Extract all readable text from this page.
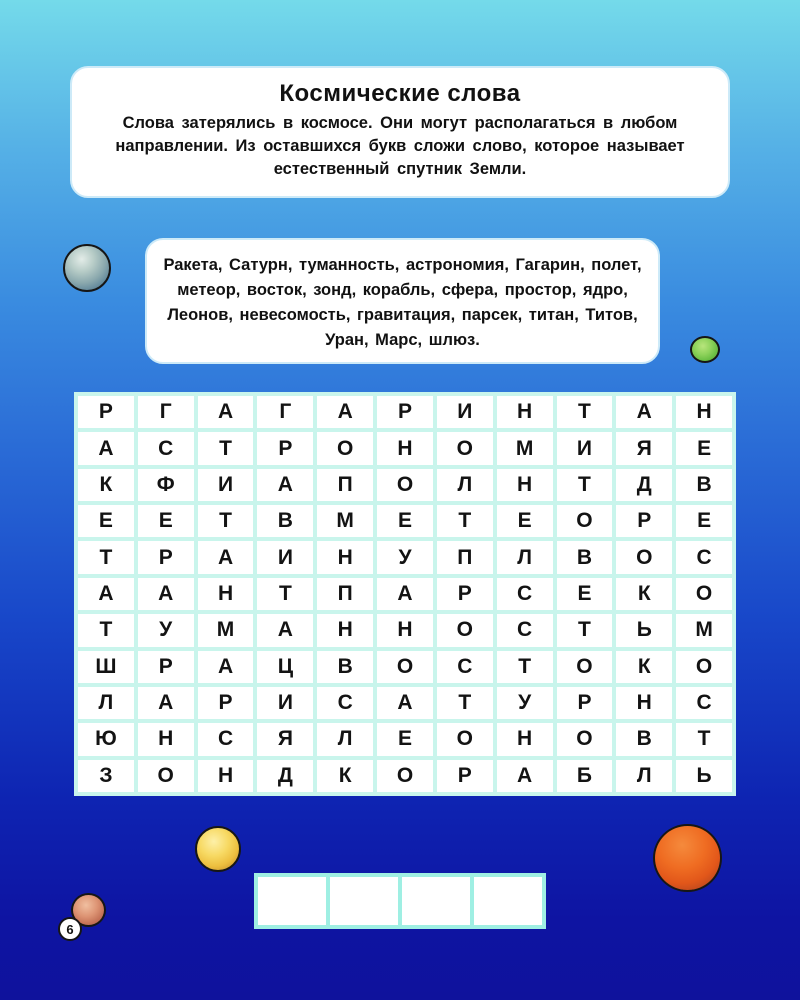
Космические слова
Слова затерялись в космосе. Они могут располагаться в любом направлении. Из оставшихся букв сложи слово, которое называет естественный спутник Земли.
Ракета, Сатурн, туманность, астрономия, Гагарин, полет, метеор, восток, зонд, корабль, сфера, простор, ядро, Леонов, невесомость, гравитация, парсек, титан, Титов, Уран, Марс, шлюз.
Р	Г	А	Г	А	Р	И	Н	Т	А	Н
А	С	Т	Р	О	Н	О	М	И	Я	Е
К	Ф	И	А	П	О	Л	Н	Т	Д	В
Е	Е	Т	В	М	Е	Т	Е	О	Р	Е
Т	Р	А	И	Н	У	П	Л	В	О	С
А	А	Н	Т	П	А	Р	С	Е	К	О
Т	У	М	А	Н	Н	О	С	Т	Ь	М
Ш	Р	А	Ц	В	О	С	Т	О	К	О
Л	А	Р	И	С	А	Т	У	Р	Н	С
Ю	Н	С	Я	Л	Е	О	Н	О	В	Т
З	О	Н	Д	К	О	Р	А	Б	Л	Ь
6
